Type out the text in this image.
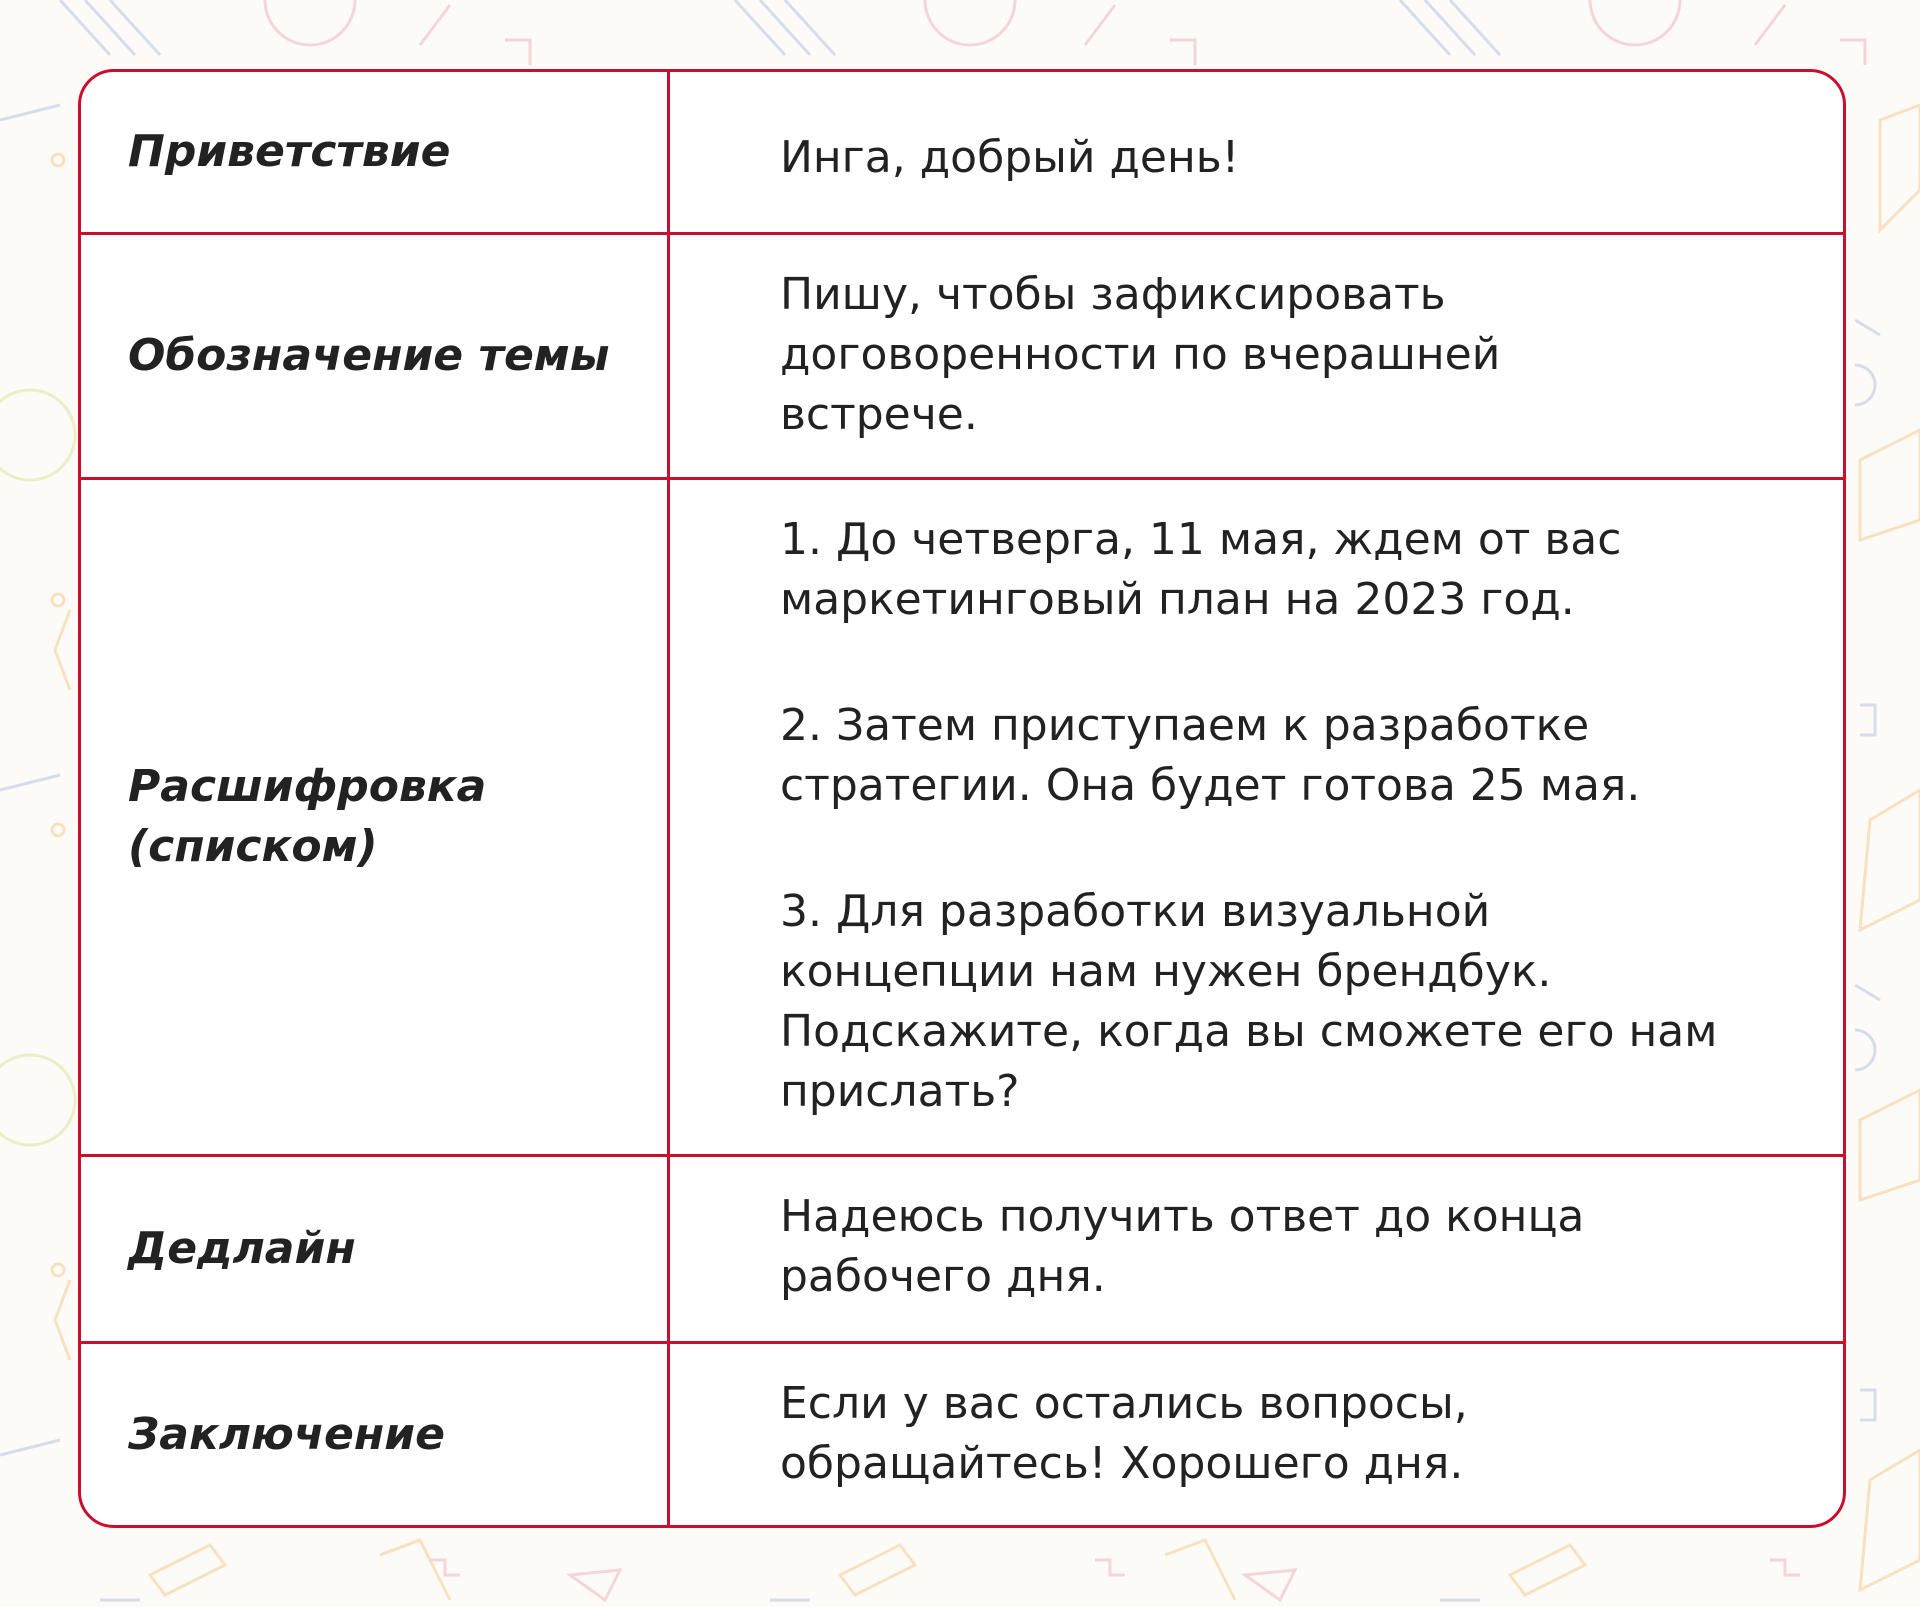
Приветствие	Инга, добрый день!

Обозначение темы

Пишу, чтобы зафиксировать
договоренности по вчерашней
встрече.

Расшифровка
(списком)

1. До четверга, 11 мая, ждем от вас
маркетинговый план на 2023 год.

2. Затем приступаем к разработке
стратегии. Она будет готова 25 мая.

3. Для разработки визуальной
концепции нам нужен брендбук.
Подскажите, когда вы сможете его нам
прислать?

Дедлайн

Надеюсь получить ответ до конца
рабочего дня.

Заключение

Если у вас остались вопросы,
обращайтесь! Хорошего дня.
